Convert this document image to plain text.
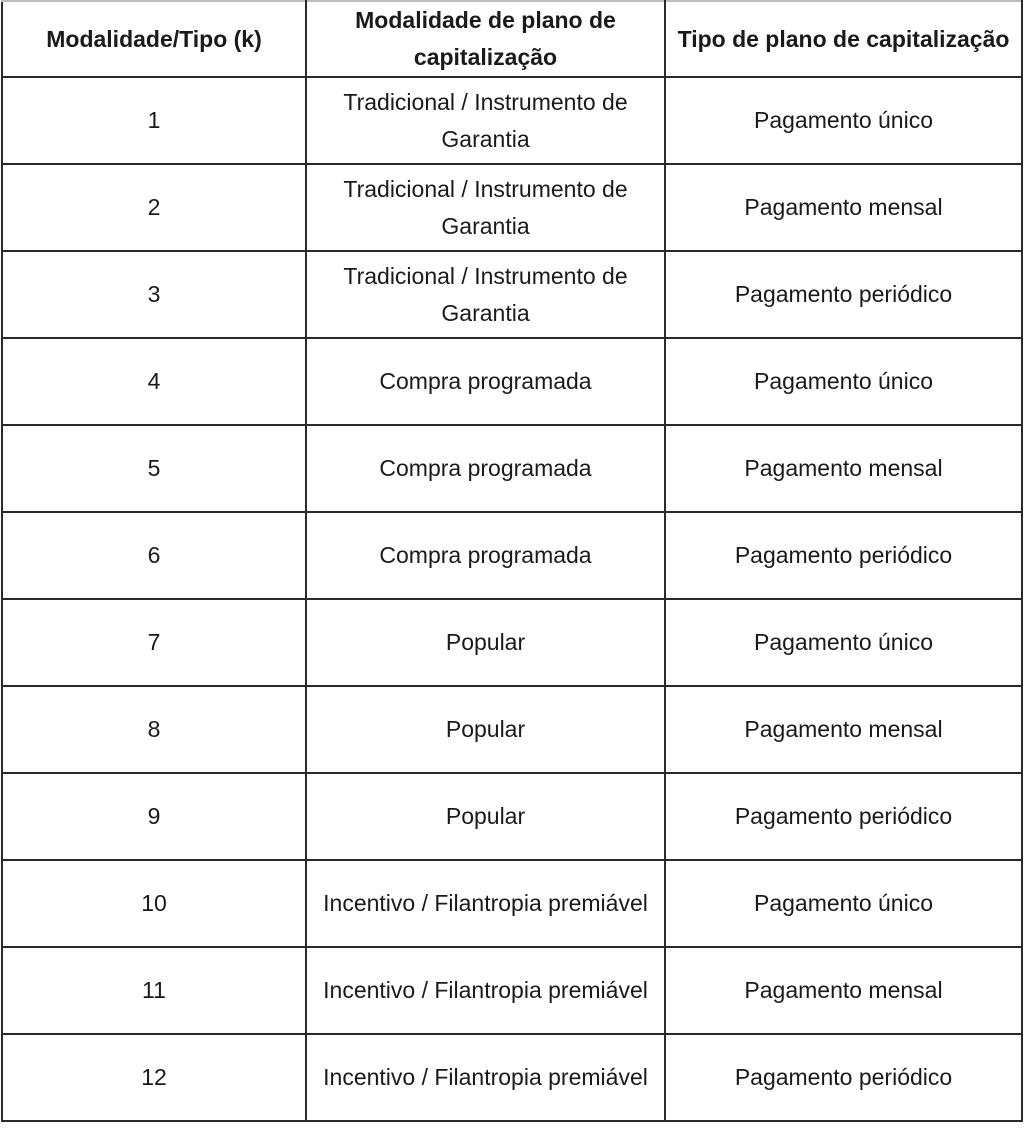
Modalidade/Tipo (k)	Modalidade de plano de capitalização	Tipo de plano de capitalização
1	Tradicional / Instrumento de Garantia	Pagamento único
2	Tradicional / Instrumento de Garantia	Pagamento mensal
3	Tradicional / Instrumento de Garantia	Pagamento periódico
4	Compra programada	Pagamento único
5	Compra programada	Pagamento mensal
6	Compra programada	Pagamento periódico
7	Popular	Pagamento único
8	Popular	Pagamento mensal
9	Popular	Pagamento periódico
10	Incentivo / Filantropia premiável	Pagamento único
11	Incentivo / Filantropia premiável	Pagamento mensal
12	Incentivo / Filantropia premiável	Pagamento periódico
